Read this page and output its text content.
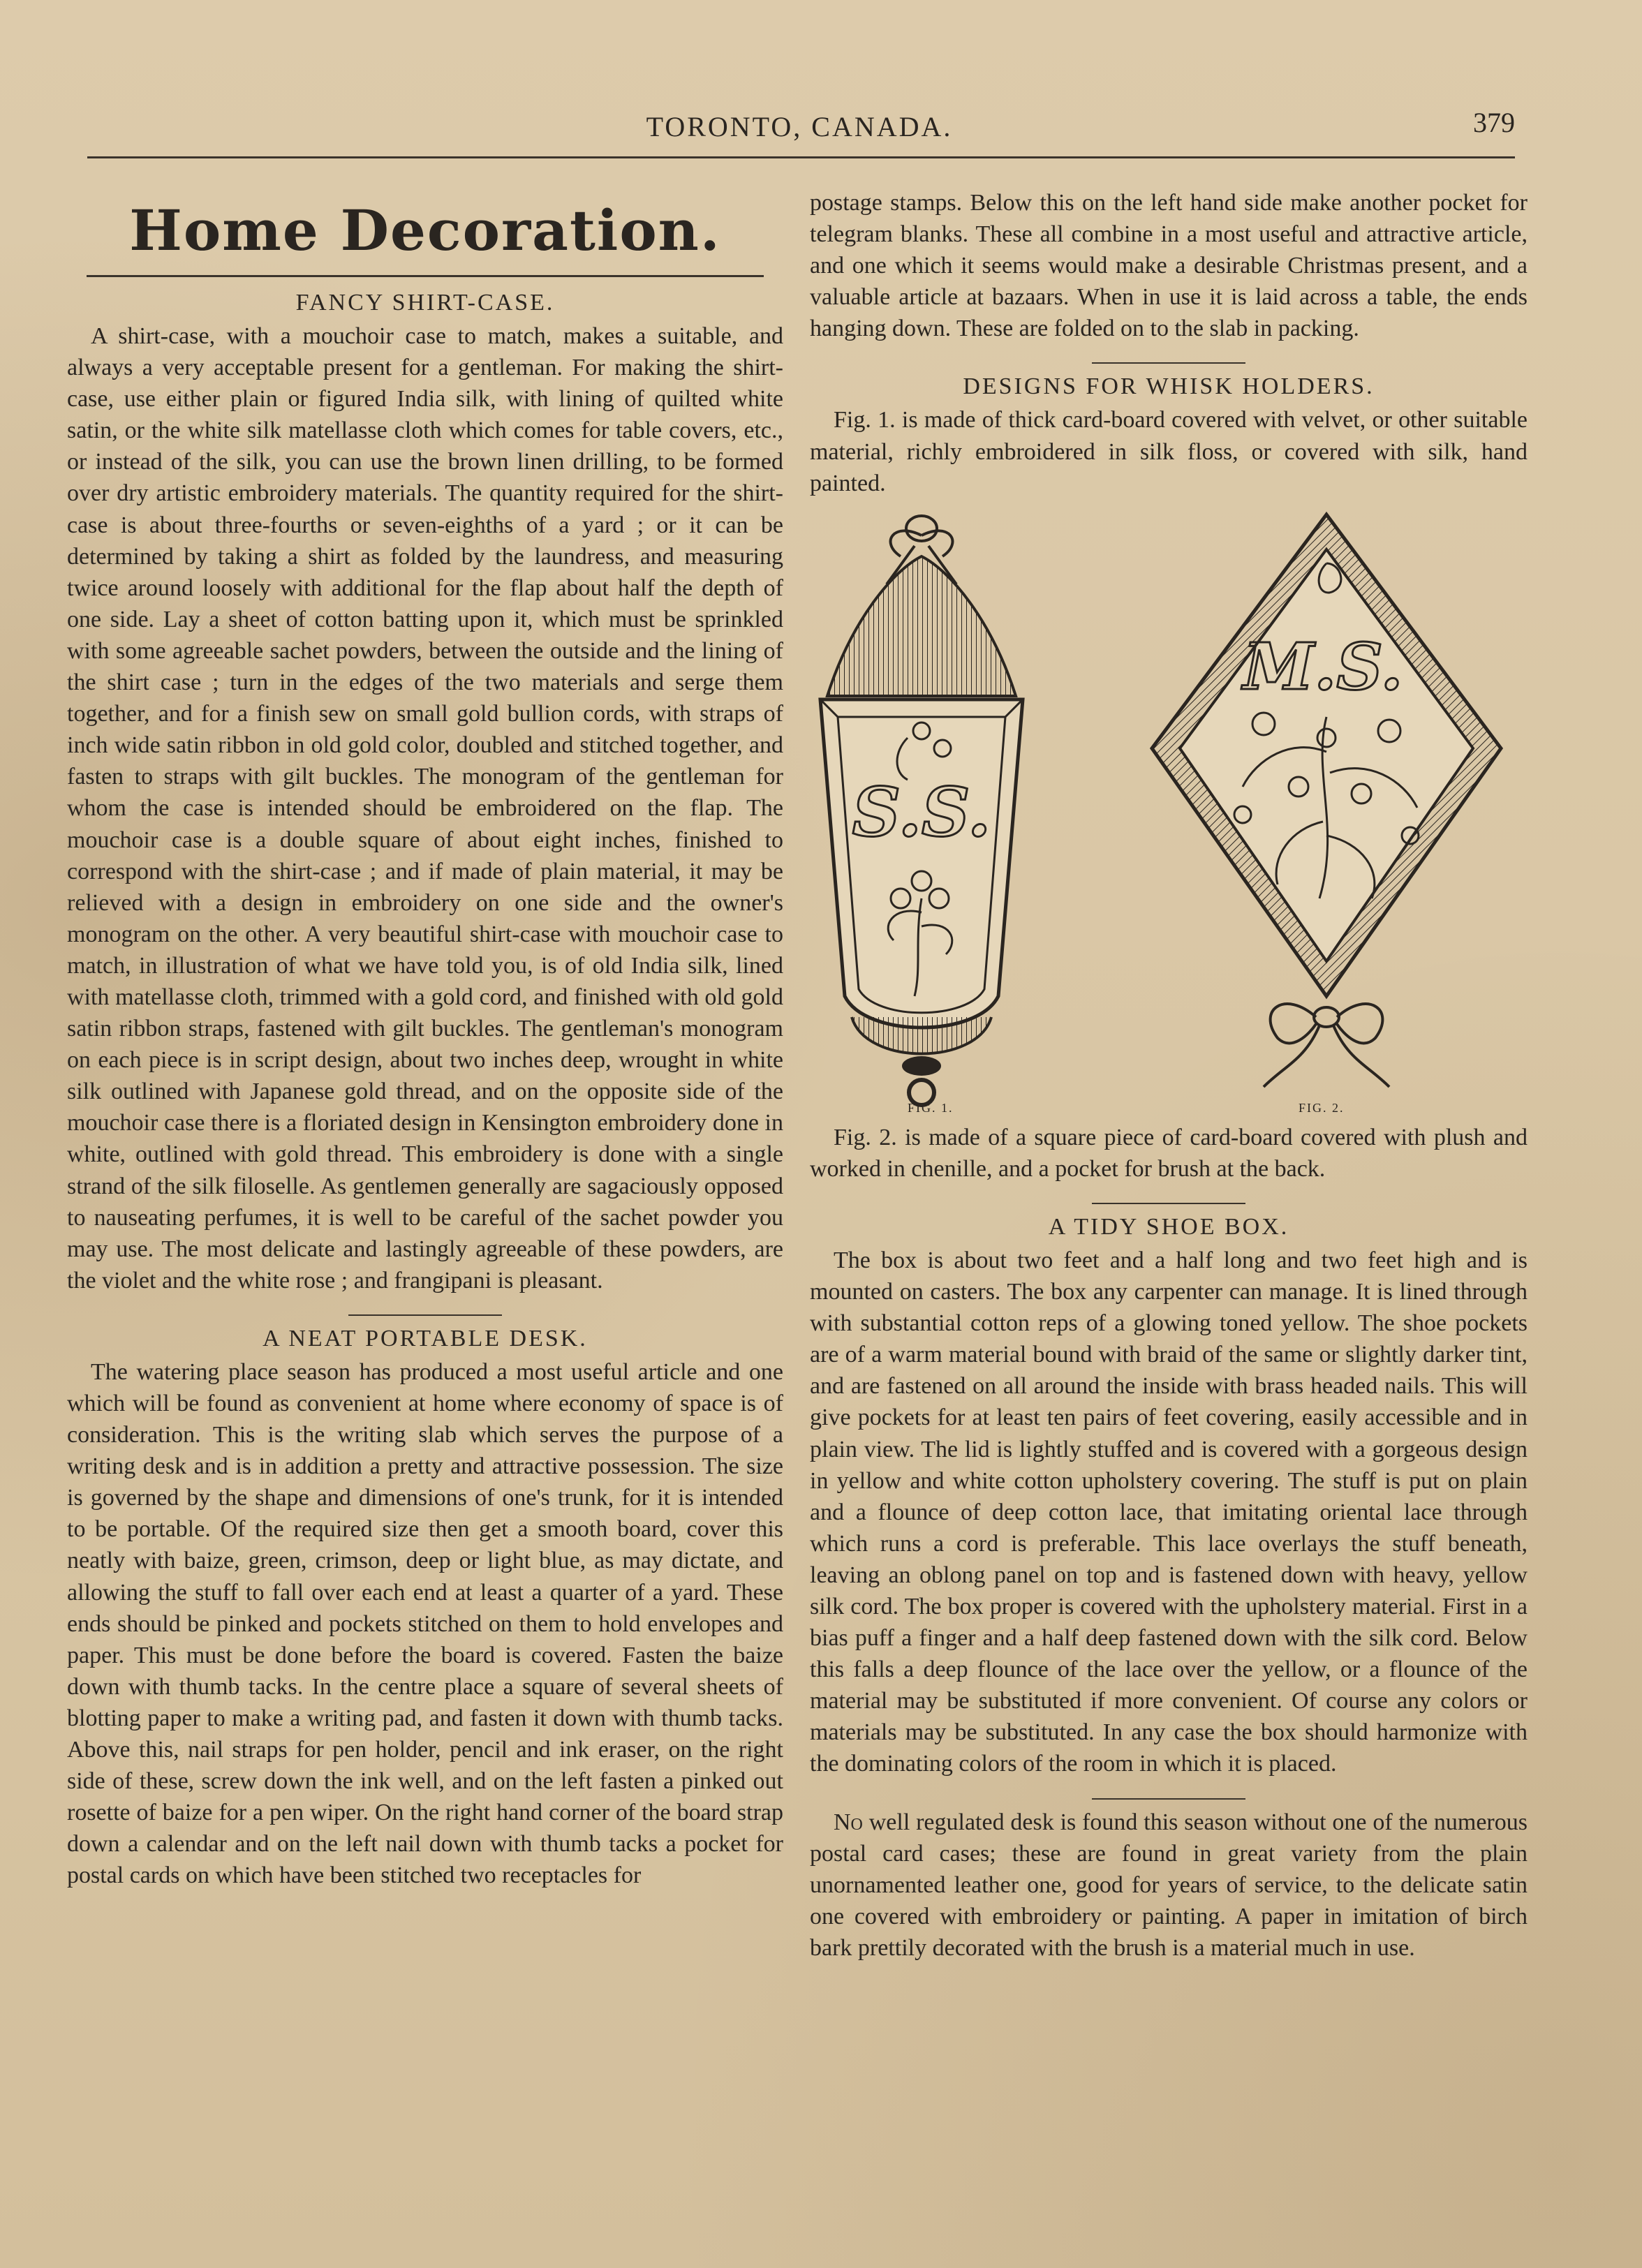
TORONTO, CANADA.	379
Home Decoration.
FANCY SHIRT-CASE.

A shirt-case, with a mouchoir case to match, makes a suitable, and always a very acceptable present for a gentleman. For making the shirt-case, use either plain or figured India silk, with lining of quilted white satin, or the white silk matellasse cloth which comes for table covers, etc., or instead of the silk, you can use the brown linen drilling, to be formed over dry artistic embroidery materials. The quantity required for the shirt-case is about three-fourths or seven-eighths of a yard ; or it can be determined by taking a shirt as folded by the laundress, and measuring twice around loosely with additional for the flap about half the depth of one side. Lay a sheet of cotton batting upon it, which must be sprinkled with some agreeable sachet powders, between the outside and the lining of the shirt case ; turn in the edges of the two materials and serge them together, and for a finish sew on small gold bullion cords, with straps of inch wide satin ribbon in old gold color, doubled and stitched together, and fasten to straps with gilt buckles. The monogram of the gentleman for whom the case is intended should be embroidered on the flap. The mouchoir case is a double square of about eight inches, finished to correspond with the shirt-case ; and if made of plain material, it may be relieved with a design in embroidery on one side and the owner's monogram on the other. A very beautiful shirt-case with mouchoir case to match, in illustration of what we have told you, is of old India silk, lined with matellasse cloth, trimmed with a gold cord, and finished with old gold satin ribbon straps, fastened with gilt buckles. The gentleman's monogram on each piece is in script design, about two inches deep, wrought in white silk outlined with Japanese gold thread, and on the opposite side of the mouchoir case there is a floriated design in Kensington embroidery done in white, outlined with gold thread. This embroidery is done with a single strand of the silk filoselle. As gentlemen generally are sagaciously opposed to nauseating perfumes, it is well to be careful of the sachet powder you may use. The most delicate and lastingly agreeable of these powders, are the violet and the white rose ; and frangipani is pleasant.

A NEAT PORTABLE DESK.

The watering place season has produced a most useful article and one which will be found as convenient at home where economy of space is of consideration. This is the writing slab which serves the purpose of a writing desk and is in addition a pretty and attractive possession. The size is governed by the shape and dimensions of one's trunk, for it is intended to be portable. Of the required size then get a smooth board, cover this neatly with baize, green, crimson, deep or light blue, as may dictate, and allowing the stuff to fall over each end at least a quarter of a yard. These ends should be pinked and pockets stitched on them to hold envelopes and paper. This must be done before the board is covered. Fasten the baize down with thumb tacks. In the centre place a square of several sheets of blotting paper to make a writing pad, and fasten it down with thumb tacks. Above this, nail straps for pen holder, pencil and ink eraser, on the right side of these, screw down the ink well, and on the left fasten a pinked out rosette of baize for a pen wiper. On the right hand corner of the board strap down a calendar and on the left nail down with thumb tacks a pocket for postal cards on which have been stitched two receptacles for

postage stamps. Below this on the left hand side make another pocket for telegram blanks. These all combine in a most useful and attractive article, and one which it seems would make a desirable Christmas present, and a valuable article at bazaars. When in use it is laid across a table, the ends hanging down. These are folded on to the slab in packing.

DESIGNS FOR WHISK HOLDERS.

Fig. 1. is made of thick card-board covered with velvet, or other suitable material, richly embroidered in silk floss, or covered with silk, hand painted.

S.S.
M.S.
FIG. 1.	FIG. 2.

Fig. 2. is made of a square piece of card-board covered with plush and worked in chenille, and a pocket for brush at the back.

A TIDY SHOE BOX.

The box is about two feet and a half long and two feet high and is mounted on casters. The box any carpenter can manage. It is lined through with substantial cotton reps of a glowing toned yellow. The shoe pockets are of a warm material bound with braid of the same or slightly darker tint, and are fastened on all around the inside with brass headed nails. This will give pockets for at least ten pairs of feet covering, easily accessible and in plain view. The lid is lightly stuffed and is covered with a gorgeous design in yellow and white cotton upholstery covering. The stuff is put on plain and a flounce of deep cotton lace, that imitating oriental lace through which runs a cord is preferable. This lace overlays the stuff beneath, leaving an oblong panel on top and is fastened down with heavy, yellow silk cord. The box proper is covered with the upholstery material. First in a bias puff a finger and a half deep fastened down with the silk cord. Below this falls a deep flounce of the lace over the yellow, or a flounce of the material may be substituted if more convenient. Of course any colors or materials may be substituted. In any case the box should harmonize with the dominating colors of the room in which it is placed.

No well regulated desk is found this season without one of the numerous postal card cases; these are found in great variety from the plain unornamented leather one, good for years of service, to the delicate satin one covered with embroidery or painting. A paper in imitation of birch bark prettily decorated with the brush is a material much in use.
